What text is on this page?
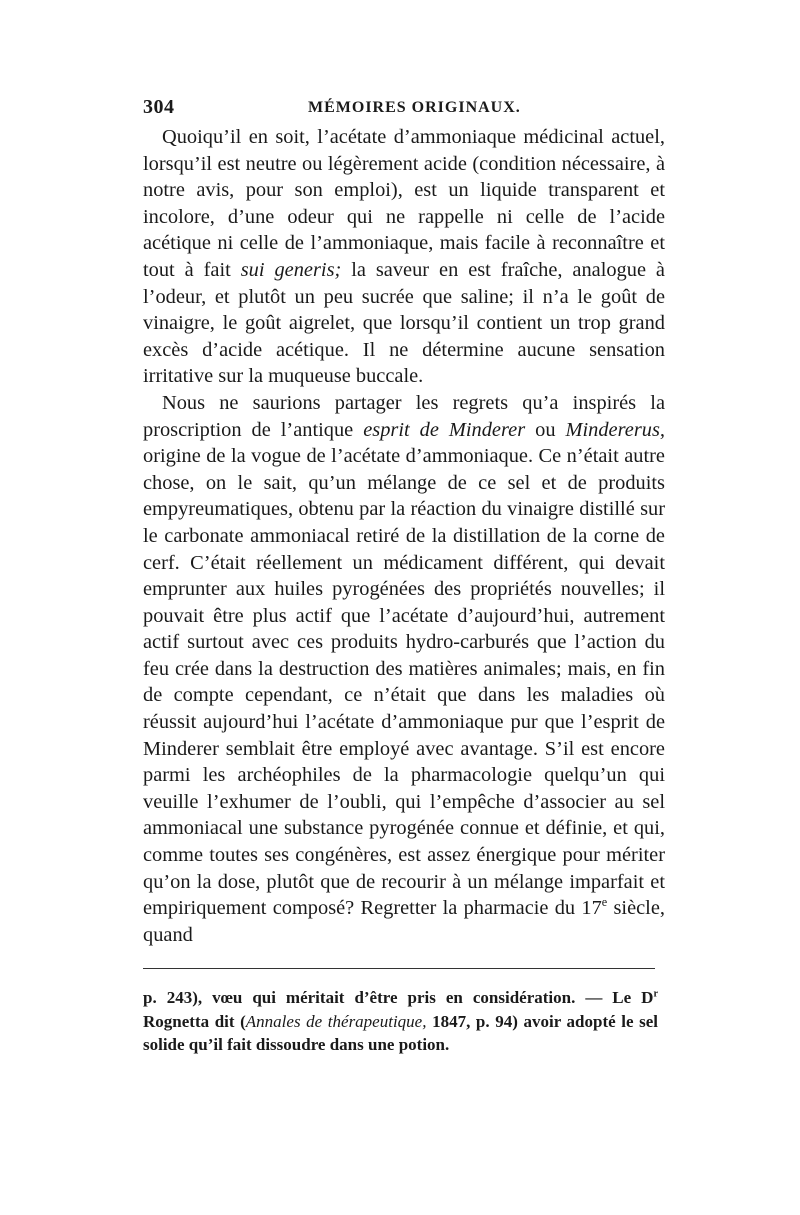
304	MÉMOIRES ORIGINAUX.

Quoiqu’il en soit, l’acétate d’ammoniaque médicinal actuel, lorsqu’il est neutre ou légèrement acide (condition nécessaire, à notre avis, pour son emploi), est un liquide transparent et incolore, d’une odeur qui ne rappelle ni celle de l’acide acétique ni celle de l’ammoniaque, mais facile à reconnaître et tout à fait sui generis; la saveur en est fraîche, analogue à l’odeur, et plutôt un peu sucrée que saline; il n’a le goût de vinaigre, le goût aigrelet, que lorsqu’il contient un trop grand excès d’acide acétique. Il ne détermine aucune sensation irritative sur la muqueuse buccale.

Nous ne saurions partager les regrets qu’a inspirés la proscription de l’antique esprit de Minderer ou Mindererus, origine de la vogue de l’acétate d’ammoniaque. Ce n’était autre chose, on le sait, qu’un mélange de ce sel et de produits empyreumatiques, obtenu par la réaction du vinaigre distillé sur le carbonate ammoniacal retiré de la distillation de la corne de cerf. C’était réellement un médicament différent, qui devait emprunter aux huiles pyrogénées des propriétés nouvelles; il pouvait être plus actif que l’acétate d’aujourd’hui, autrement actif surtout avec ces produits hydro-carburés que l’action du feu crée dans la destruction des matières animales; mais, en fin de compte cependant, ce n’était que dans les maladies où réussit aujourd’hui l’acétate d’ammoniaque pur que l’esprit de Minderer semblait être employé avec avantage. S’il est encore parmi les archéophiles de la pharmacologie quelqu’un qui veuille l’exhumer de l’oubli, qui l’empêche d’associer au sel ammoniacal une substance pyrogénée connue et définie, et qui, comme toutes ses congénères, est assez énergique pour mériter qu’on la dose, plutôt que de recourir à un mélange imparfait et empiriquement composé? Regretter la pharmacie du 17e siècle, quand

p. 243), vœu qui méritait d’être pris en considération. — Le $D^r$ Rognetta dit (Annales de thérapeutique, 1847, p. 94) avoir adopté le sel solide qu’il fait dissoudre dans une potion.
